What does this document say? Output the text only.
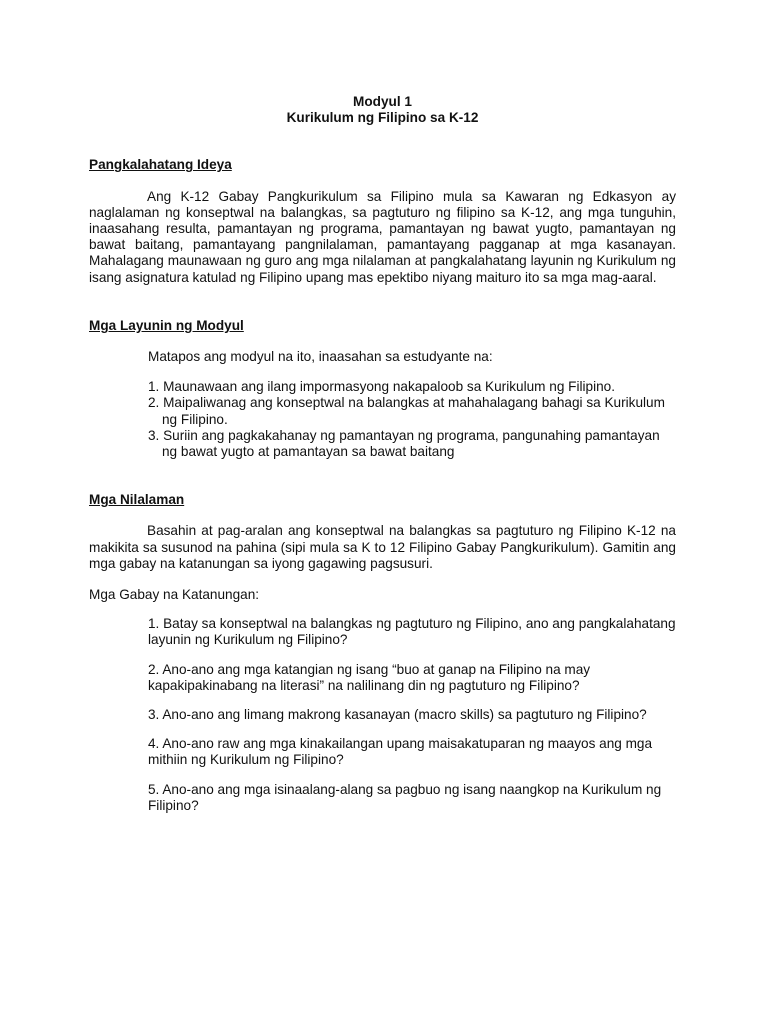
Modyul 1
Kurikulum ng Filipino sa K-12
Pangkalahatang Ideya

Ang K-12 Gabay Pangkurikulum sa Filipino mula sa Kawaran ng Edkasyon ay naglalaman ng konseptwal na balangkas, sa pagtuturo ng filipino sa K-12, ang mga tunguhin, inaasahang resulta, pamantayan ng programa, pamantayan ng bawat yugto, pamantayan ng bawat baitang, pamantayang pangnilalaman, pamantayang pagganap at mga kasanayan. Mahalagang maunawaan ng guro ang mga nilalaman at pangkalahatang layunin ng Kurikulum ng isang asignatura katulad ng Filipino upang mas epektibo niyang maituro ito sa mga mag-aaral.

Mga Layunin ng Modyul

Matapos ang modyul na ito, inaasahan sa estudyante na:

1. Maunawaan ang ilang impormasyong nakapaloob sa Kurikulum ng Filipino.

2. Maipaliwanag ang konseptwal na balangkas at mahahalagang bahagi sa Kurikulum ng Filipino.

3. Suriin ang pagkakahanay ng pamantayan ng programa, pangunahing pamantayan ng bawat yugto at pamantayan sa bawat baitang

Mga Nilalaman

Basahin at pag-aralan ang konseptwal na balangkas sa pagtuturo ng Filipino K-12 na makikita sa susunod na pahina (sipi mula sa K to 12 Filipino Gabay Pangkurikulum). Gamitin ang mga gabay na katanungan sa iyong gagawing pagsusuri.

Mga Gabay na Katanungan:

1. Batay sa konseptwal na balangkas ng pagtuturo ng Filipino, ano ang pangkalahatang layunin ng Kurikulum ng Filipino?

2. Ano-ano ang mga katangian ng isang “buo at ganap na Filipino na may kapakipakinabang na literasi” na nalilinang din ng pagtuturo ng Filipino?

3. Ano-ano ang limang makrong kasanayan (macro skills) sa pagtuturo ng Filipino?

4. Ano-ano raw ang mga kinakailangan upang maisakatuparan ng maayos ang mga mithiin ng Kurikulum ng Filipino?

5. Ano-ano ang mga isinaalang-alang sa pagbuo ng isang naangkop na Kurikulum ng Filipino?
